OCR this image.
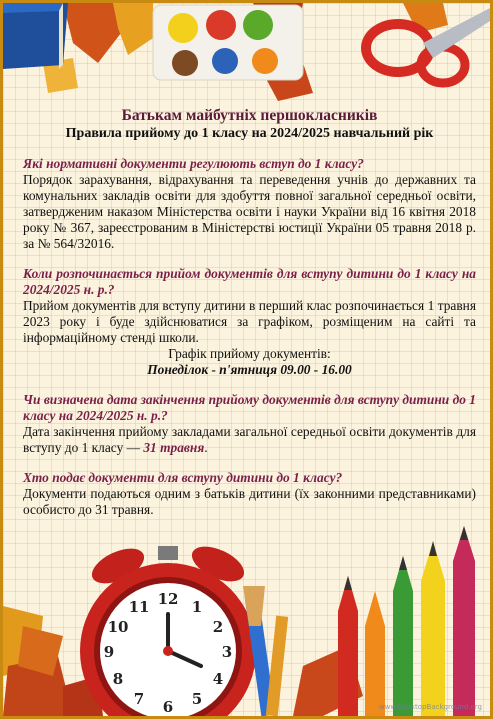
Батькам майбутніх першокласників
Правила прийому до 1 класу на 2024/2025 навчальний рік
Які нормативні документи регулюють вступ до 1 класу?
Порядок зарахування, відрахування та переведення учнів до державних та комунальних закладів освіти для здобуття повної загальної середньої освіти, затвердженим наказом Міністерства освіти і науки України від 16 квітня 2018 року № 367, зареєстрованим в Міністерстві юстиції України 05 травня 2018 р. за № 564/32016.
Коли розпочинається прийом документів для вступу дитини до 1 класу на 2024/2025 н. р.?
Прийом документів для вступу дитини в перший клас розпочинається 1 травня 2023 року і буде здійснюватися за графіком, розміщеним на сайті та інформаційному стенді школи.
Графік прийому документів:
Понеділок - п'ятниця 09.00 - 16.00
Чи визначена дата закінчення прийому документів для вступу дитини до 1 класу на 2024/2025 н. р.?
Дата закінчення прийому закладами загальної середньої освіти документів для вступу до 1 класу — 31 травня.
Хто подає документи для вступу дитини до 1 класу?
Документи подаються одним з батьків дитини (їх законними представниками) особисто до 31 травня.
12 1
2
3
4
5
6
7
8
9
10
11
www.DesktopBackground.org
